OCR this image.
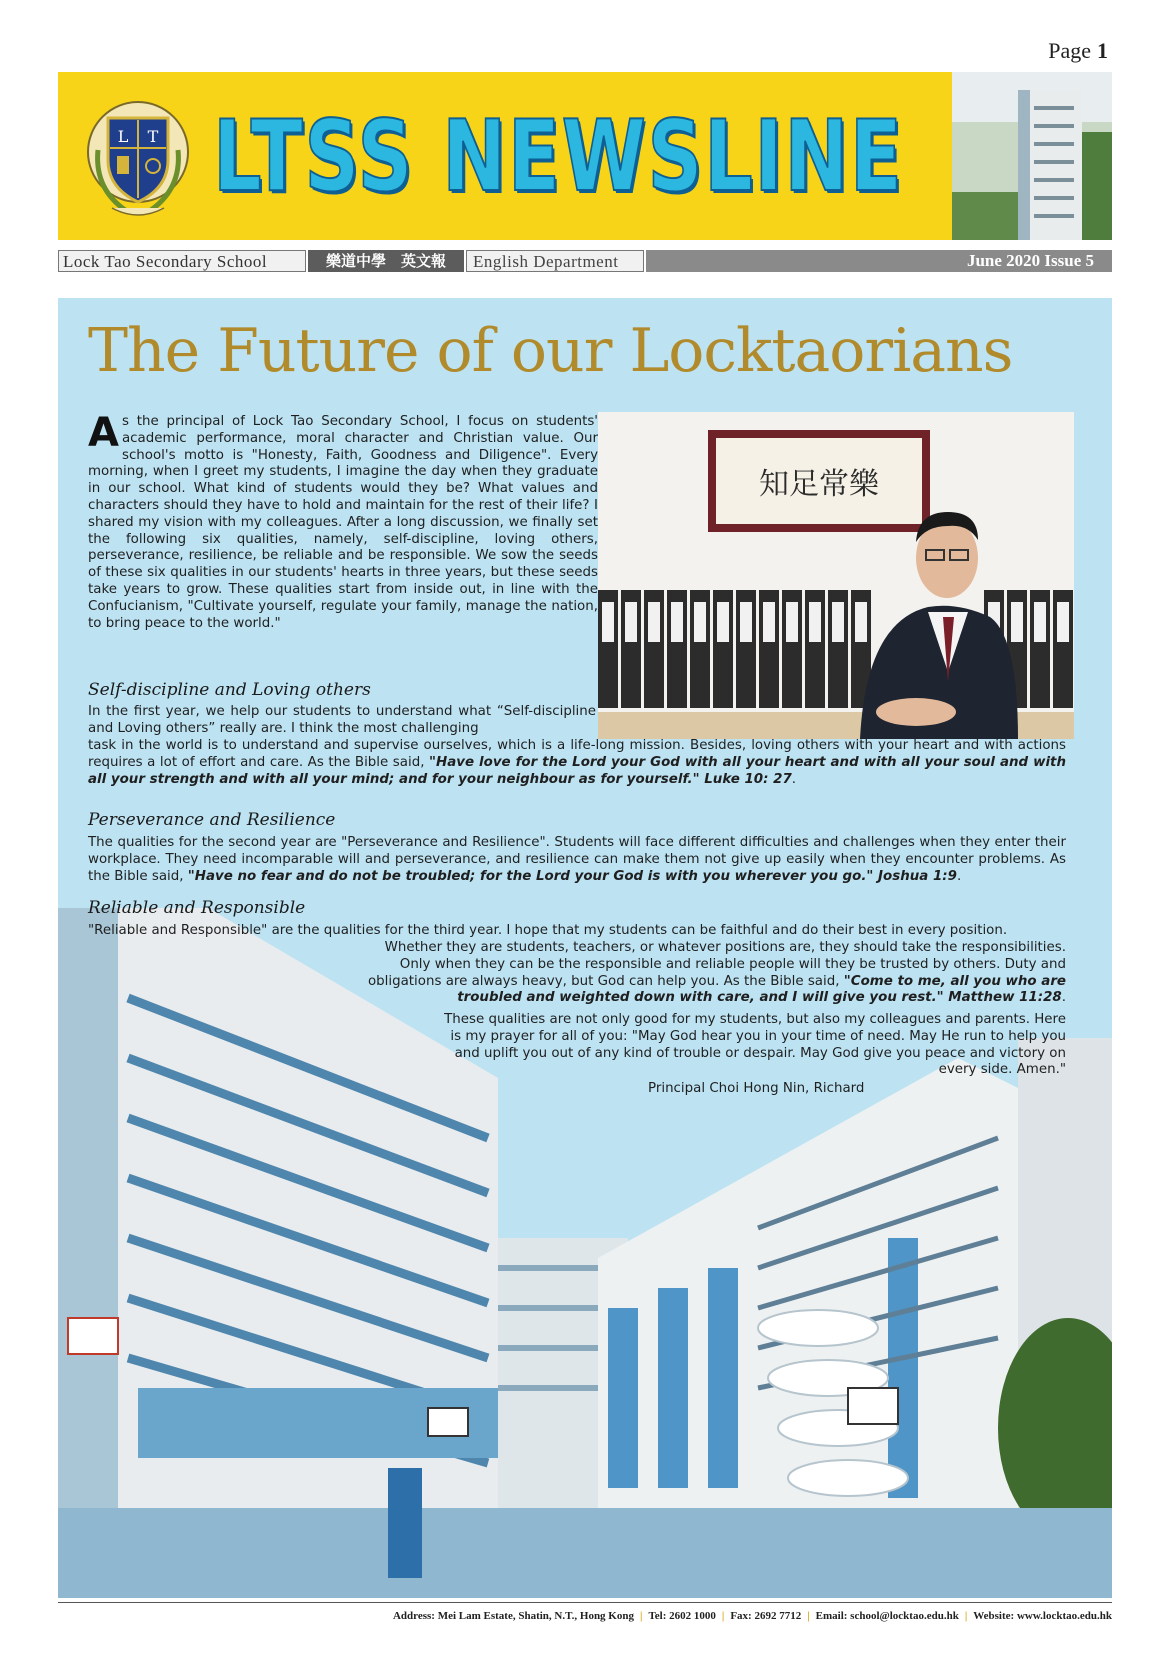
Page 1
L T LTSS NEWSLINE
Lock Tao Secondary School	樂道中學　英文報	English Department	June 2020 Issue 5
The Future of our Locktaorians

As the principal of Lock Tao Secondary School, I focus on students' academic performance, moral character and Christian value. Our school's motto is "Honesty, Faith, Goodness and Diligence". Every morning, when I greet my students, I imagine the day when they graduate in our school. What kind of students would they be? What values and characters should they have to hold and maintain for the rest of their life? I shared my vision with my colleagues. After a long discussion, we finally set the following six qualities, namely, self-discipline, loving others, perseverance, resilience, be reliable and be responsible. We sow the seeds of these six qualities in our students' hearts in three years, but these seeds take years to grow. These qualities start from inside out, in line with the Confucianism, "Cultivate yourself, regulate your family, manage the nation, to bring peace to the world."

知足常樂
Self-discipline and Loving others

In the first year, we help our students to understand what “Self-discipline and Loving others” really are. I think the most challenging

task in the world is to understand and supervise ourselves, which is a life-long mission. Besides, loving others with your heart and with actions requires a lot of effort and care. As the Bible said, "Have love for the Lord your God with all your heart and with all your soul and with all your strength and with all your mind; and for your neighbour as for yourself." Luke 10: 27.

Perseverance and Resilience

The qualities for the second year are "Perseverance and Resilience". Students will face different difficulties and challenges when they enter their workplace. They need incomparable will and perseverance, and resilience can make them not give up easily when they encounter problems. As the Bible said, "Have no fear and do not be troubled; for the Lord your God is with you wherever you go." Joshua 1:9.

Reliable and Responsible

"Reliable and Responsible" are the qualities for the third year. I hope that my students can be faithful and do their best in every position.

Whether they are students, teachers, or whatever positions are, they should take the responsibilities. Only when they can be the responsible and reliable people will they be trusted by others. Duty and obligations are always heavy, but God can help you. As the Bible said, "Come to me, all you who are troubled and weighted down with care, and I will give you rest." Matthew 11:28.

These qualities are not only good for my students, but also my colleagues and parents. Here is my prayer for all of you: "May God hear you in your time of need. May He run to help you and uplift you out of any kind of trouble or despair. May God give you peace and victory on every side. Amen."

Principal Choi Hong Nin, Richard

Address: Mei Lam Estate, Shatin, N.T., Hong Kong | Tel: 2602 1000 | Fax: 2692 7712 | Email: school@locktao.edu.hk | Website: www.locktao.edu.hk
